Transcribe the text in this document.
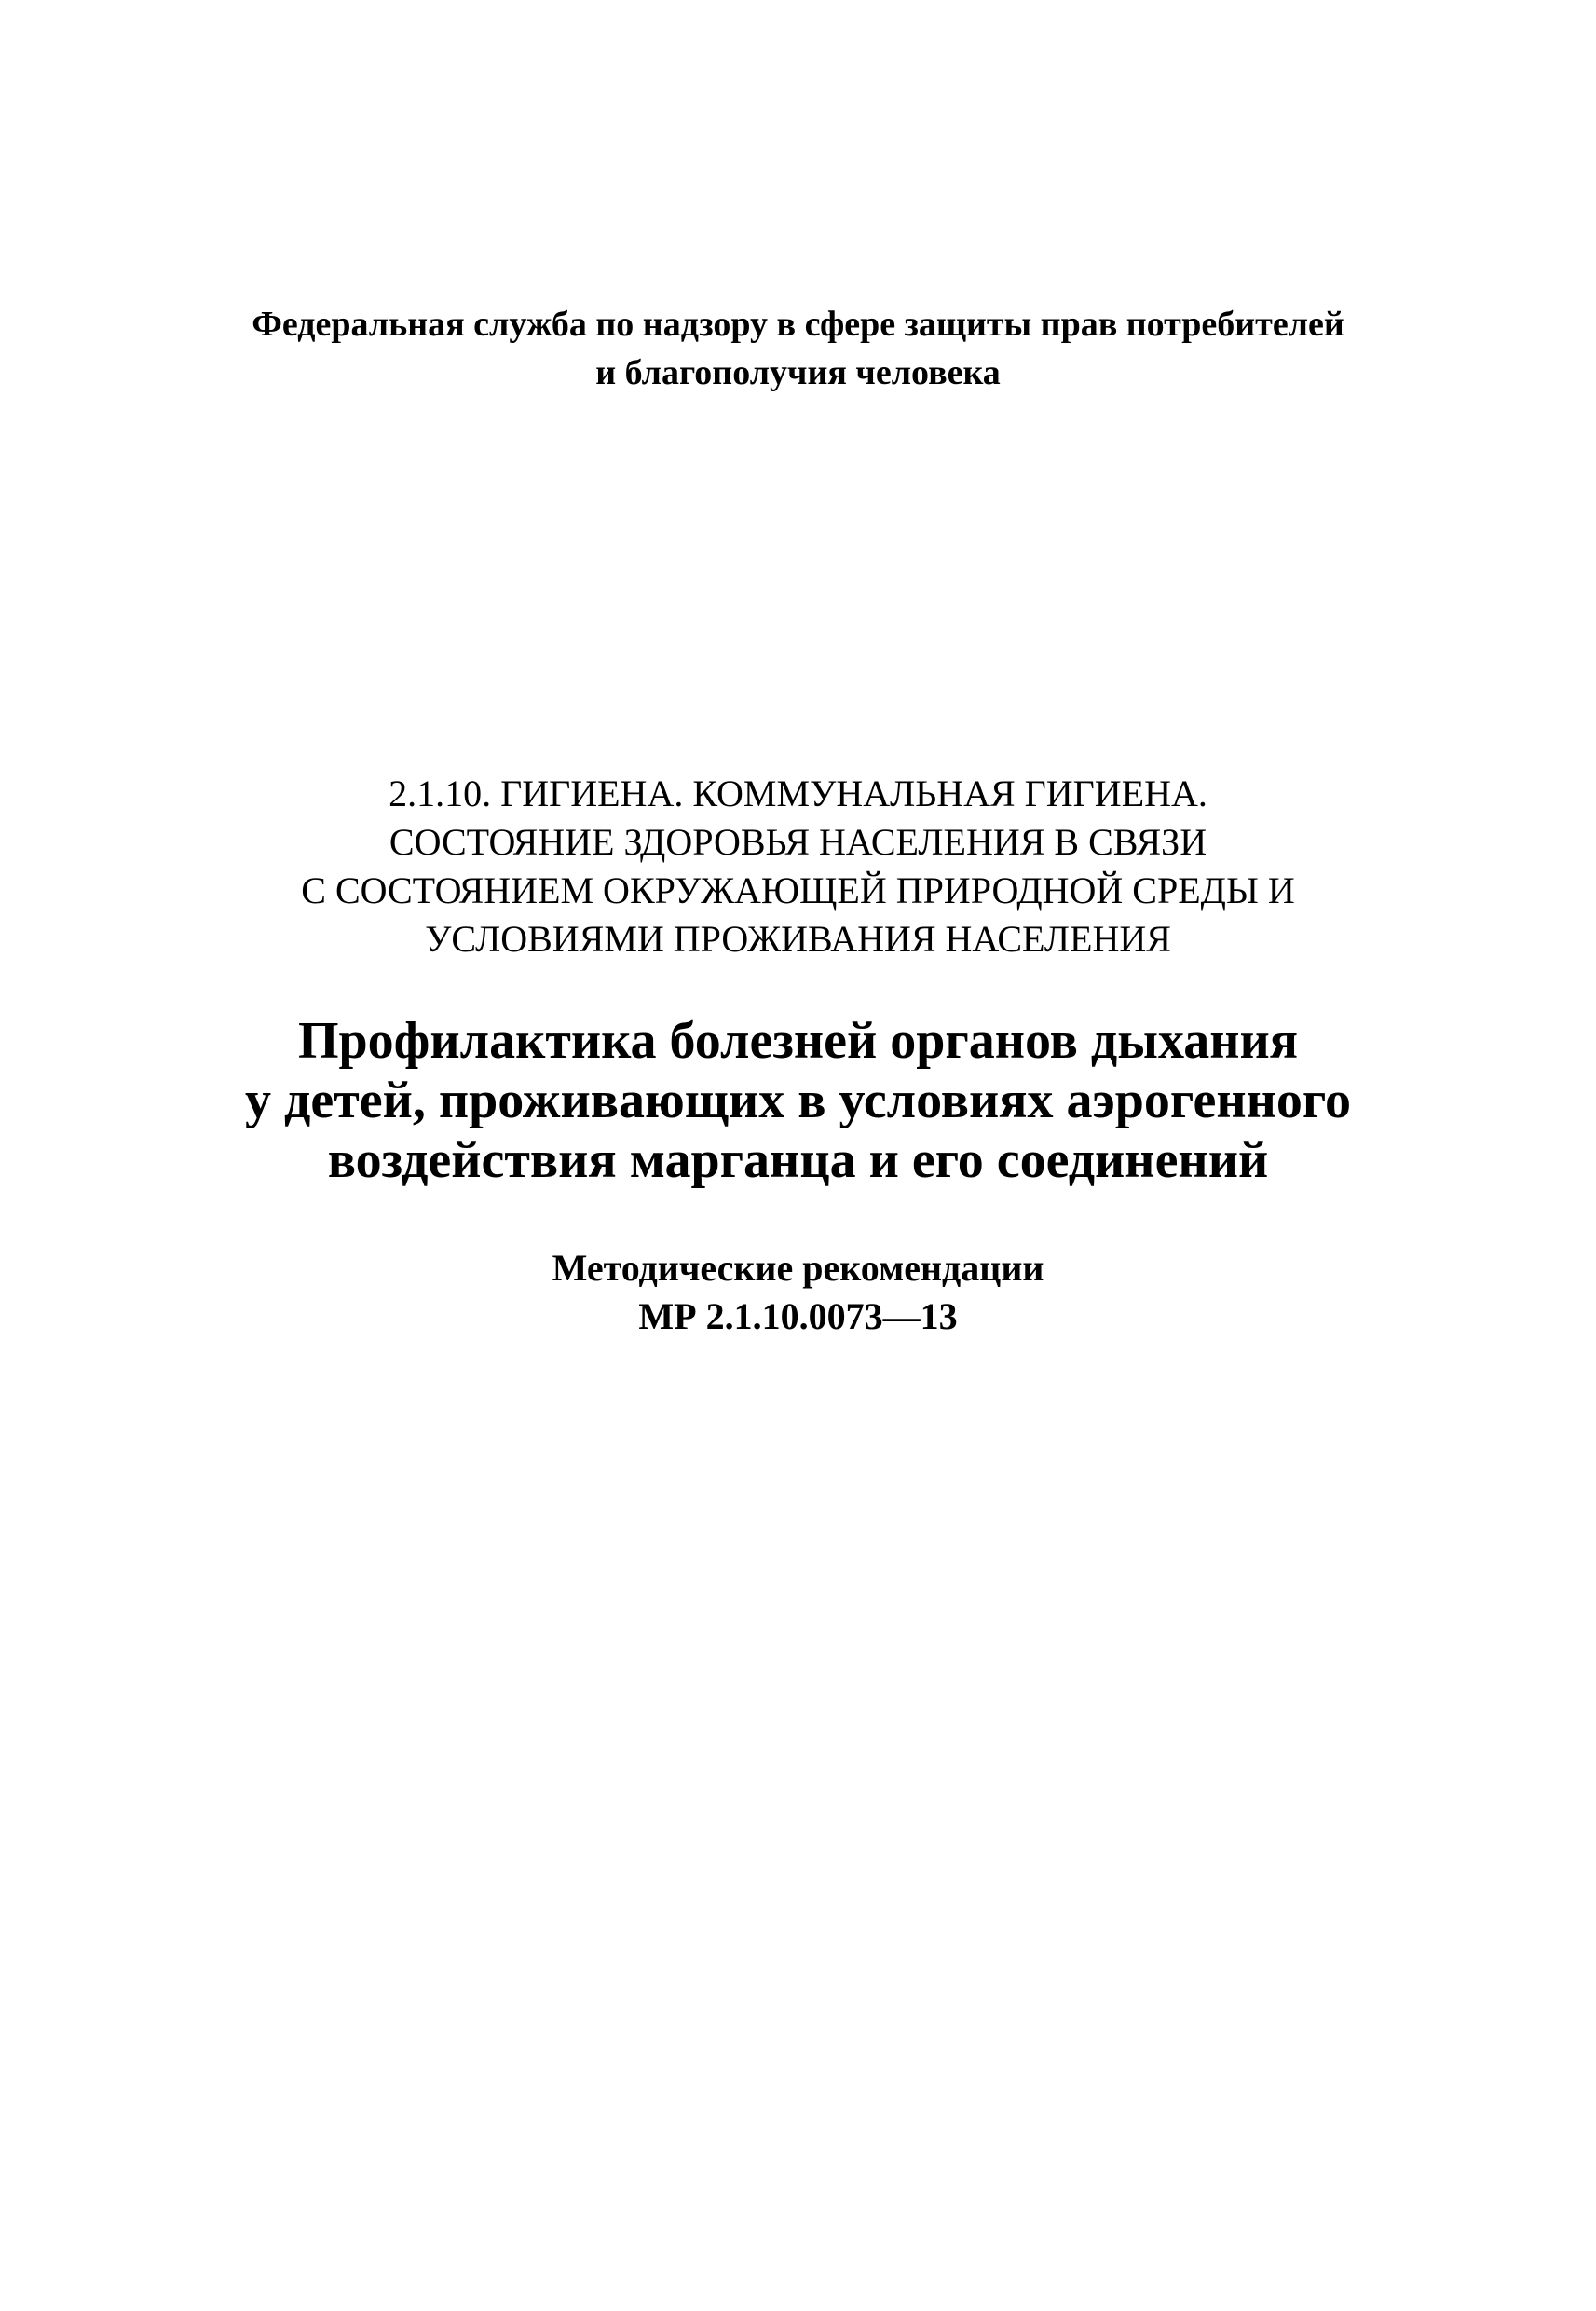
Федеральная служба по надзору в сфере защиты прав потребителей
и благополучия человека
2.1.10. ГИГИЕНА. КОММУНАЛЬНАЯ ГИГИЕНА.
СОСТОЯНИЕ ЗДОРОВЬЯ НАСЕЛЕНИЯ В СВЯЗИ
С СОСТОЯНИЕМ ОКРУЖАЮЩЕЙ ПРИРОДНОЙ СРЕДЫ И
УСЛОВИЯМИ ПРОЖИВАНИЯ НАСЕЛЕНИЯ
Профилактика болезней органов дыхания
у детей, проживающих в условиях аэрогенного
воздействия марганца и его соединений
Методические рекомендации
МР 2.1.10.0073—13
